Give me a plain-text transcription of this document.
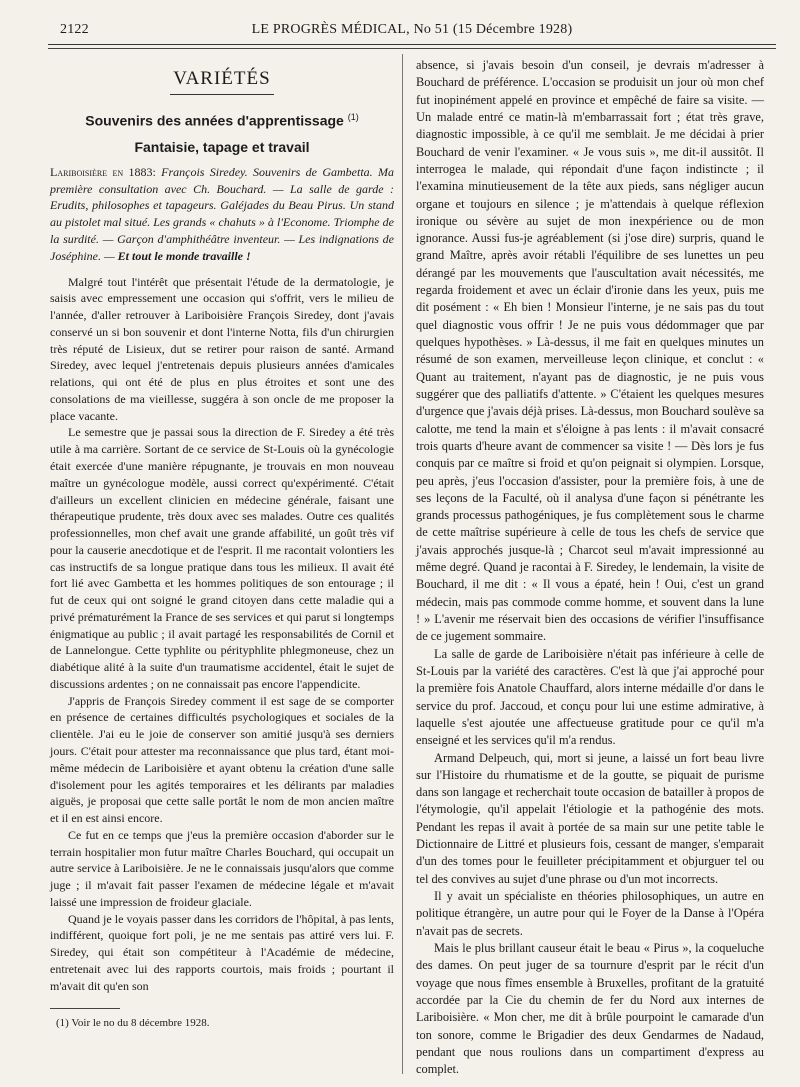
2122	LE PROGRÈS MÉDICAL, No 51 (15 Décembre 1928)
VARIÉTÉS
Souvenirs des années d'apprentissage $^{(1)}$
Fantaisie, tapage et travail

Lariboisière en 1883: François Siredey. Souvenirs de Gambetta. Ma première consultation avec Ch. Bouchard. — La salle de garde : Erudits, philosophes et tapageurs. Galéjades du Beau Pirus. Un stand au pistolet mal situé. Les grands « chahuts » à l'Econome. Triomphe de la surdité. — Garçon d'amphithéâtre inventeur. — Les indignations de Joséphine. — Et tout le monde travaille !

Malgré tout l'intérêt que présentait l'étude de la dermatologie, je saisis avec empressement une occasion qui s'offrit, vers le milieu de l'année, d'aller retrouver à Lariboisière François Siredey, dont j'avais conservé un si bon souvenir et dont l'interne Notta, fils d'un chirurgien très réputé de Lisieux, dut se retirer pour raison de santé. Armand Siredey, avec lequel j'entretenais depuis plusieurs années d'amicales relations, qui ont été de plus en plus étroites et sont une des consolations de ma vieillesse, suggéra à son oncle de me proposer la place vacante.

Le semestre que je passai sous la direction de F. Siredey a été très utile à ma carrière. Sortant de ce service de St-Louis où la gynécologie était exercée d'une manière répugnante, je trouvais en mon nouveau maître un gynécologue modèle, aussi correct qu'expérimenté. C'était d'ailleurs un excellent clinicien en médecine générale, faisant une thérapeutique prudente, très doux avec ses malades. Outre ces qualités professionnelles, mon chef avait une grande affabilité, un goût très vif pour la causerie anecdotique et de l'esprit. Il me racontait volontiers les cas instructifs de sa longue pratique dans tous les milieux. Il avait été fort lié avec Gambetta et les hommes politiques de son entourage ; il fut de ceux qui ont soigné le grand citoyen dans cette maladie qui a privé prématurément la France de ses services et qui parut si longtemps énigmatique au public ; il avait partagé les responsabilités de Cornil et de Lannelongue. Cette typhlite ou pérityphlite phlegmoneuse, chez un diabétique alité à la suite d'un traumatisme accidentel, était le sujet de discussions ardentes ; on ne connaissait pas encore l'appendicite.

J'appris de François Siredey comment il est sage de se comporter en présence de certaines difficultés psychologiques et sociales de la clientèle. J'ai eu le joie de conserver son amitié jusqu'à ses derniers jours. C'était pour attester ma reconnaissance que plus tard, étant moi-même médecin de Lariboisière et ayant obtenu la création d'une salle d'isolement pour les agités temporaires et les délirants par maladies aiguës, je proposai que cette salle portât le nom de mon ancien maître et il en est ainsi encore.

Ce fut en ce temps que j'eus la première occasion d'aborder sur le terrain hospitalier mon futur maître Charles Bouchard, qui occupait un autre service à Lariboisière. Je ne le connaissais jusqu'alors que comme juge ; il m'avait fait passer l'examen de médecine légale et m'avait laissé une impression de froideur glaciale.

Quand je le voyais passer dans les corridors de l'hôpital, à pas lents, indifférent, quoique fort poli, je ne me sentais pas attiré vers lui. F. Siredey, qui était son compétiteur à l'Académie de médecine, entretenait avec lui des rapports courtois, mais froids ; pourtant il m'avait dit qu'en son

absence, si j'avais besoin d'un conseil, je devrais m'adresser à Bouchard de préférence. L'occasion se produisit un jour où mon chef fut inopinément appelé en province et empêché de faire sa visite. — Un malade entré ce matin-là m'embarrassait fort ; état très grave, diagnostic impossible, à ce qu'il me semblait. Je me décidai à prier Bouchard de venir l'examiner. « Je vous suis », me dit-il aussitôt. Il interrogea le malade, qui répondait d'une façon indistincte ; il l'examina minutieusement de la tête aux pieds, sans négliger aucun organe et toujours en silence ; je m'attendais à quelque réflexion ironique ou sévère au sujet de mon inexpérience ou de mon ignorance. Aussi fus-je agréablement (si j'ose dire) surpris, quand le grand Maître, après avoir rétabli l'équilibre de ses lunettes un peu dérangé par les mouvements que l'auscultation avait nécessités, me regarda froidement et avec un éclair d'ironie dans les yeux, puis me dit posément : « Eh bien ! Monsieur l'interne, je ne sais pas du tout quel diagnostic vous offrir ! Je ne puis vous dédommager que par quelques hypothèses. » Là-dessus, il me fait en quelques minutes un résumé de son examen, merveilleuse leçon clinique, et conclut : « Quant au traitement, n'ayant pas de diagnostic, je ne puis vous suggérer que des palliatifs d'attente. » C'étaient les quelques mesures d'urgence que j'avais déjà prises. Là-dessus, mon Bouchard soulève sa calotte, me tend la main et s'éloigne à pas lents : il m'avait consacré trois quarts d'heure avant de commencer sa visite ! — Dès lors je fus conquis par ce maître si froid et qu'on peignait si olympien. Lorsque, peu après, j'eus l'occasion d'assister, pour la première fois, à une de ses leçons de la Faculté, où il analysa d'une façon si pénétrante les grands processus pathogéniques, je fus complètement sous le charme de cette maîtrise supérieure à celle de tous les chefs de service que j'avais approchés jusque-là ; Charcot seul m'avait impressionné au même degré. Quand je racontai à F. Siredey, le lendemain, la visite de Bouchard, il me dit : « Il vous a épaté, hein ! Oui, c'est un grand médecin, mais pas commode comme homme, et souvent dans la lune ! » L'avenir me réservait bien des occasions de vérifier l'insuffisance de ce jugement sommaire.

La salle de garde de Lariboisière n'était pas inférieure à celle de St-Louis par la variété des caractères. C'est là que j'ai approché pour la première fois Anatole Chauffard, alors interne médaille d'or dans le service du prof. Jaccoud, et conçu pour lui une estime admirative, à laquelle s'est ajoutée une affectueuse gratitude pour ce qu'il m'a enseigné et les services qu'il m'a rendus.

Armand Delpeuch, qui, mort si jeune, a laissé un fort beau livre sur l'Histoire du rhumatisme et de la goutte, se piquait de purisme dans son langage et recherchait toute occasion de batailler à propos de l'étymologie, qu'il appelait l'étiologie et la pathogénie des mots. Pendant les repas il avait à portée de sa main sur une petite table le Dictionnaire de Littré et plusieurs fois, cessant de manger, s'emparait d'un des tomes pour le feuilleter précipitamment et objurguer tel ou tel des convives au sujet d'une phrase ou d'un mot incorrects.

Il y avait un spécialiste en théories philosophiques, un autre en politique étrangère, un autre pour qui le Foyer de la Danse à l'Opéra n'avait pas de secrets.

Mais le plus brillant causeur était le beau « Pirus », la coqueluche des dames. On peut juger de sa tournure d'esprit par le récit d'un voyage que nous fîmes ensemble à Bruxelles, profitant de la gratuité accordée par la Cie du chemin de fer du Nord aux internes de Lariboisière. « Mon cher, me dit à brûle pourpoint le camarade d'un ton sonore, comme le Brigadier des deux Gendarmes de Nadaud, pendant que nous roulions dans un compartiment d'express au complet.

(1) Voir le no du 8 décembre 1928.
